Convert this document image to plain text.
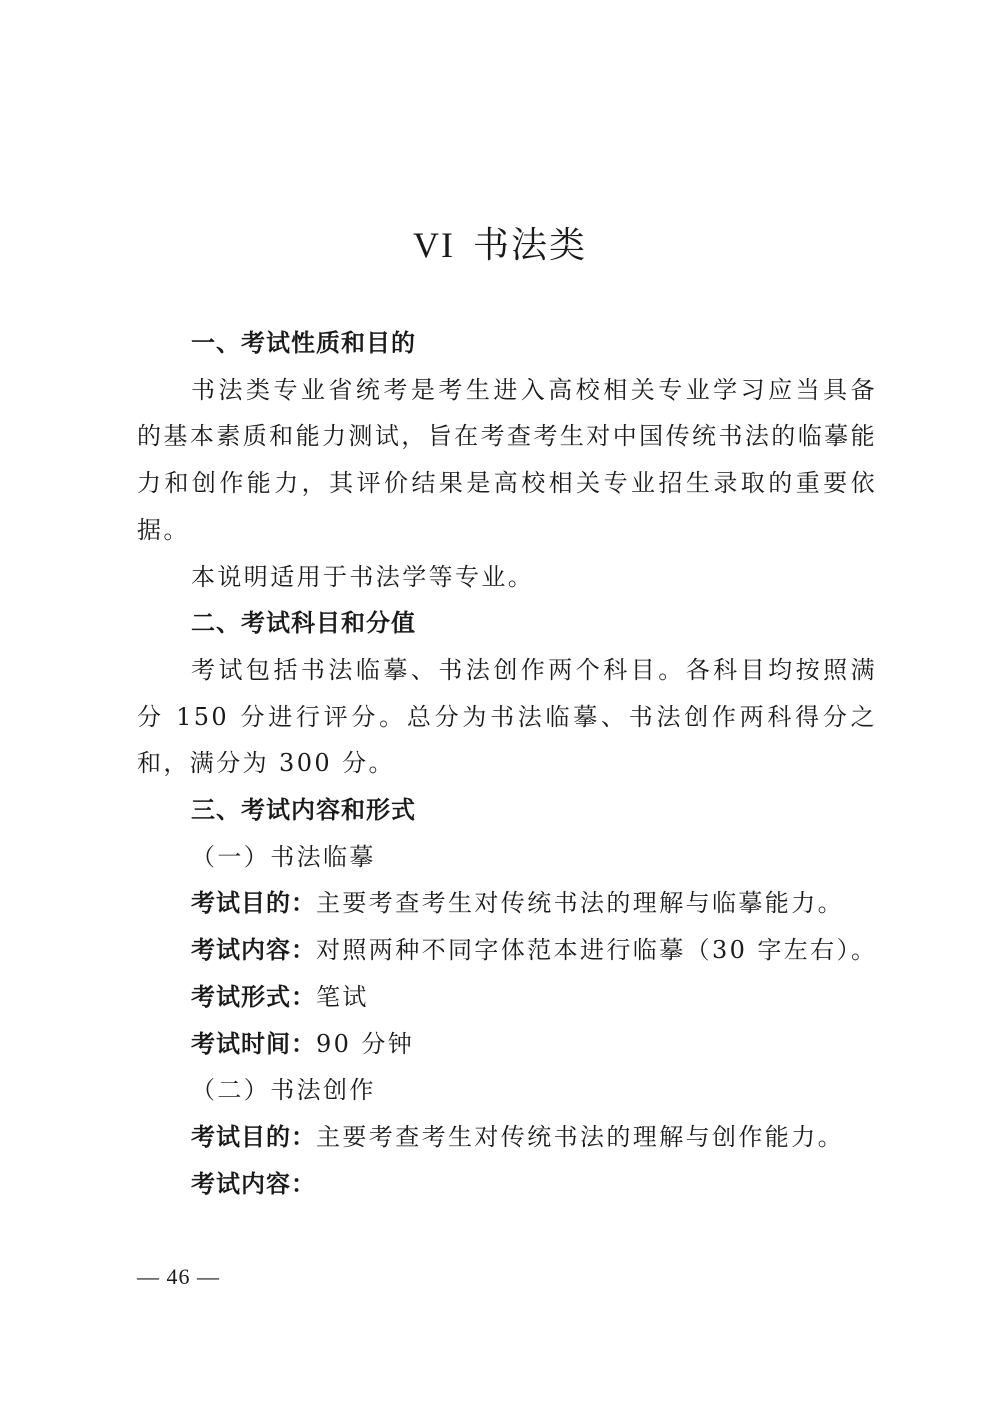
VI 书法类
一、考试性质和目的
书法类专业省统考是考生进入高校相关专业学习应当具备的基本素质和能力测试，旨在考查考生对中国传统书法的临摹能力和创作能力，其评价结果是高校相关专业招生录取的重要依据。
本说明适用于书法学等专业。
二、考试科目和分值
考试包括书法临摹、书法创作两个科目。各科目均按照满分 150 分进行评分。总分为书法临摹、书法创作两科得分之和，满分为 300 分。
三、考试内容和形式
（一）书法临摹
考试目的：主要考查考生对传统书法的理解与临摹能力。
考试内容：对照两种不同字体范本进行临摹（30 字左右）。
考试形式：笔试
考试时间：90 分钟
（二）书法创作
考试目的：主要考查考生对传统书法的理解与创作能力。
考试内容：
— 46 —
